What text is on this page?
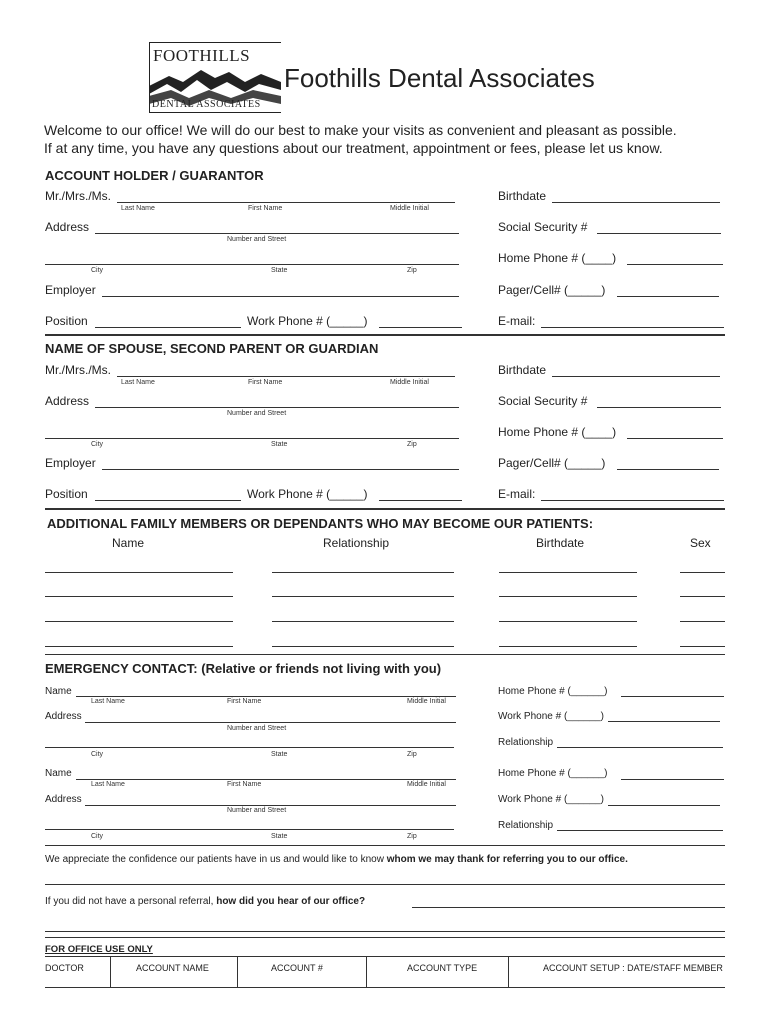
FOOTHILLS
DENTAL ASSOCIATES
Foothills Dental Associates
Welcome to our office! We will do our best to make your visits as convenient and pleasant as possible.
If at any time, you have any questions about our treatment, appointment or fees, please let us know.
ACCOUNT HOLDER / GUARANTOR
Mr./Mrs./Ms.
Last Name	First Name	Middle Initial
Address
Number and Street
City	State	Zip
Employer
Position	Work Phone # (_____)
Birthdate
Social Security #
Home Phone # (____)
Pager/Cell# (_____)
E-mail:
NAME OF SPOUSE, SECOND PARENT OR GUARDIAN
Mr./Mrs./Ms.
Last Name	First Name	Middle Initial
Address
Number and Street
City	State	Zip
Employer
Position	Work Phone # (_____)
Birthdate
Social Security #
Home Phone # (____)
Pager/Cell# (_____)
E-mail:
ADDITIONAL FAMILY MEMBERS OR DEPENDANTS WHO MAY BECOME OUR PATIENTS:
Name	Relationship	Birthdate	Sex
EMERGENCY CONTACT: (Relative or friends not living with you)
Name
Last Name	First Name	Middle Initial
Address
Number and Street
City	State	Zip
Home Phone # (______)
Work Phone # (______)
Relationship
Name
Last Name	First Name	Middle Initial
Address
Number and Street
City	State	Zip
Home Phone # (______)
Work Phone # (______)
Relationship
We appreciate the confidence our patients have in us and would like to know whom we may thank for referring you to our office.
If you did not have a personal referral, how did you hear of our office?
FOR OFFICE USE ONLY
DOCTOR	ACCOUNT NAME	ACCOUNT #	ACCOUNT TYPE	ACCOUNT SETUP : DATE/STAFF MEMBER
